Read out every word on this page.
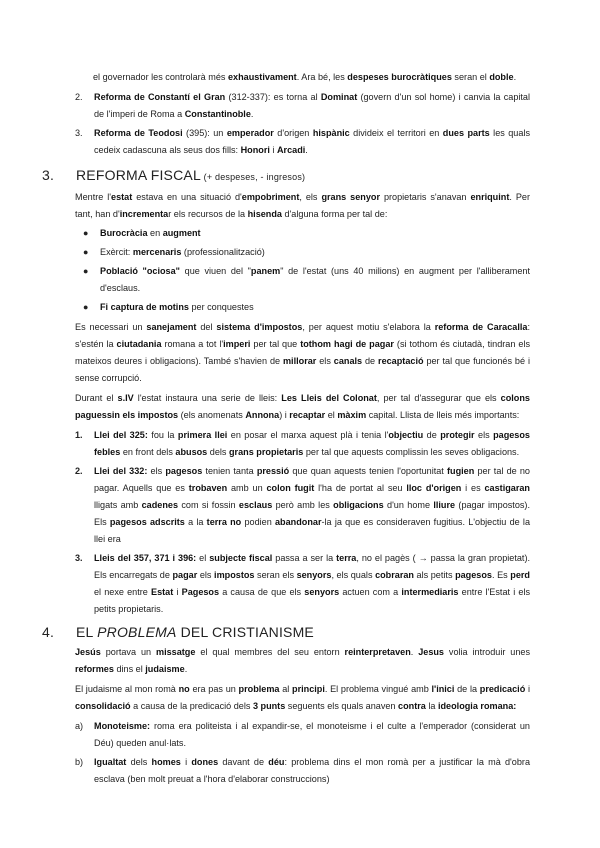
el governador les controlarà més exhaustivament. Ara bé, les despeses burocràtiques seran el doble.

2. Reforma de Constantí el Gran (312-337): es torna al Dominat (govern d'un sol home) i canvia la capital de l'imperi de Roma a Constantinoble.
3. Reforma de Teodosi (395): un emperador d'origen hispànic divideix el territori en dues parts les quals cedeix cadascuna als seus dos fills: Honori i Arcadi.
3. REFORMA FISCAL (+ despeses, - ingresos)

Mentre l'estat estava en una situació d'empobriment, els grans senyor propietaris s'anavan enriquint. Per tant, han d'incrementar els recursos de la hisenda d'alguna forma per tal de:

● Burocràcia en augment
● Exèrcit: mercenaris (professionalització)
● Població "ociosa" que viuen del "panem" de l'estat (uns 40 milions) en augment per l'alliberament d'esclaus.
● Fi captura de motins per conquestes

Es necessari un sanejament del sistema d'impostos, per aquest motiu s'elabora la reforma de Caracalla: s'estén la ciutadania romana a tot l'imperi per tal que tothom hagi de pagar (si tothom és ciutadà, tindran els mateixos deures i obligacions). També s'havien de millorar els canals de recaptació per tal que funcionés bé i sense corrupció.

Durant el s.IV l'estat instaura una serie de lleis: Les Lleis del Colonat, per tal d'assegurar que els colons paguessin els impostos (els anomenats Annona) i recaptar el màxim capital. Llista de lleis més importants:

1. Llei del 325: fou la primera llei en posar el marxa aquest plà i tenia l'objectiu de protegir els pagesos febles en front dels abusos dels grans propietaris per tal que aquests complissin les seves obligacions.
2. Llei del 332: els pagesos tenien tanta pressió que quan aquests tenien l'oportunitat fugien per tal de no pagar. Aquells que es trobaven amb un colon fugit l'ha de portat al seu lloc d'origen i es castigaran lligats amb cadenes com si fossin esclaus però amb les obligacions d'un home lliure (pagar impostos). Els pagesos adscrits a la terra no podien abandonar-la ja que es consideraven fugitius. L'objectiu de la llei era
3. Lleis del 357, 371 i 396: el subjecte fiscal passa a ser la terra, no el pagès ( → passa la gran propietat). Els encarregats de pagar els impostos seran els senyors, els quals cobraran als petits pagesos. Es perd el nexe entre Estat i Pagesos a causa de que els senyors actuen com a intermediaris entre l'Estat i els petits propietaris.
4. EL PROBLEMA DEL CRISTIANISME

Jesús portava un missatge el qual membres del seu entorn reinterpretaven. Jesus volia introduir unes reformes dins el judaisme.

El judaisme al mon romà no era pas un problema al principi. El problema vingué amb l'inici de la predicació i consolidació a causa de la predicació dels 3 punts seguents els quals anaven contra la ideologia romana:

a) Monoteisme: roma era politeista i al expandir-se, el monoteisme i el culte a l'emperador (considerat un Déu) queden anul·lats.
b) Igualtat dels homes i dones davant de déu: problema dins el mon romà per a justificar la mà d'obra esclava (ben molt preuat a l'hora d'elaborar construccions)
